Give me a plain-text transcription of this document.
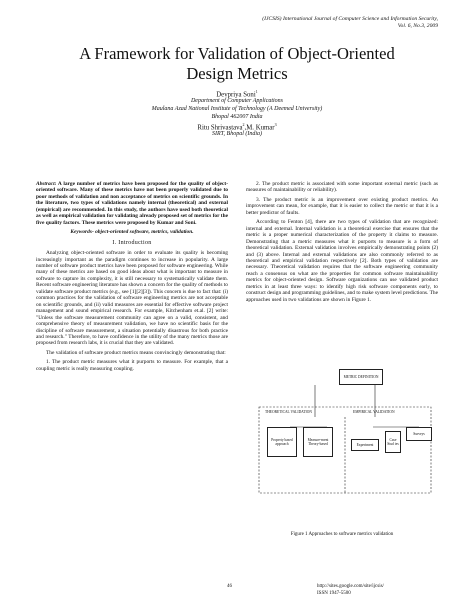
(IJCSIS) International Journal of Computer Science and Information Security,
Vol. 6, No.3, 2009
A Framework for Validation of Object-Oriented
Design Metrics
Devpriya Soni$^1$
Department of Computer Applications
Maulana Azad National Institute of Technology (A Deemed University)
Bhopal 462007 India
Ritu Shrivastava$^2$,M. Kumar$^3$
SIRT, Bhopal (India)

Abstract: A large number of metrics have been proposed for the quality of object-oriented software. Many of these metrics have not been properly validated due to poor methods of validation and non acceptance of metrics on scientific grounds. In the literature, two types of validations namely internal (theoretical) and external (empirical) are recommended. In this study, the authors have used both theoretical as well as empirical validation for validating already proposed set of metrics for the five quality factors. These metrics were proposed by Kumar and Soni.

Keywords- object-oriented software, metrics, validation.

I. Introduction

Analyzing object-oriented software in order to evaluate its quality is becoming increasingly important as the paradigm continues to increase in popularity. A large number of software product metrics have been proposed for software engineering. While many of these metrics are based on good ideas about what is important to measure in software to capture its complexity, it is still necessary to systematically validate them. Recent software engineering literature has shown a concern for the quality of methods to validate software product metrics (e.g., see [1][2][3]). This concern is due to fact that: (i) common practices for the validation of software engineering metrics are not acceptable on scientific grounds, and (ii) valid measures are essential for effective software project management and sound empirical research. For example, Kitchenham et.al. [2] write: "Unless the software measurement community can agree on a valid, consistent, and comprehensive theory of measurement validation, we have no scientific basis for the discipline of software measurement, a situation potentially disastrous for both practice and research." Therefore, to have confidence in the utility of the many metrics those are proposed from research labs, it is crucial that they are validated.

The validation of software product metrics means convincingly demonstrating that:

1. The product metric measures what it purports to measure. For example, that a coupling metric is really measuring coupling.

2. The product metric is associated with some important external metric (such as measures of maintainability or reliability).

3. The product metric is an improvement over existing product metrics. An improvement can mean, for example, that it is easier to collect the metric or that it is a better predictor of faults.

According to Fenton [4], there are two types of validation that are recognized: internal and external. Internal validation is a theoretical exercise that ensures that the metric is a proper numerical characterization of the property it claims to measure. Demonstrating that a metric measures what it purports to measure is a form of theoretical validation. External validation involves empirically demonstrating points (2) and (3) above. Internal and external validations are also commonly referred to as theoretical and empirical validation respectively [2]. Both types of validation are necessary. Theoretical validation requires that the software engineering community reach a consensus on what are the properties for common software maintainability metrics for object-oriented design. Software organizations can use validated product metrics in at least three ways: to identify high risk software components early, to construct design and programming guidelines, and to make system level predictions. The approaches used in two validations are shown in Figure 1.

METRIC DEFINITION
THEORETICAL VALIDATION	EMPIRICAL VALIDATION
Property based approach
Measure-ment Theory-based	Experiment
Case Stud ies
Surveys
Figure 1 Approaches to software metrics validation
46	http://sites.google.com/site/ijcsis/
ISSN 1947-5500
